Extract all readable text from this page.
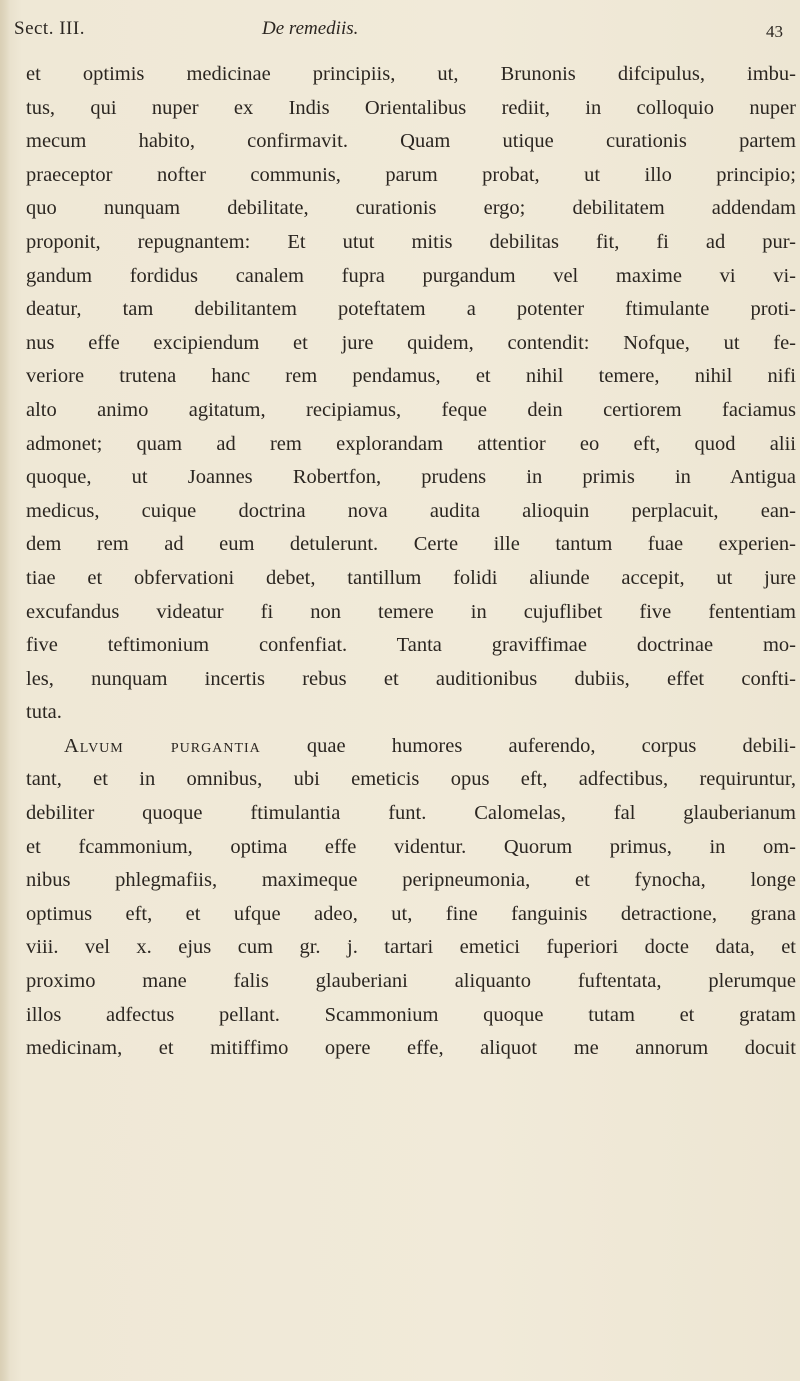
Sect. III.	De remediis.	43
et optimis medicinae principiis, ut, Brunonis difcipulus, imbu-
tus, qui nuper ex Indis Orientalibus rediit, in colloquio nuper
mecum habito, confirmavit. Quam utique curationis partem
praeceptor nofter communis, parum probat, ut illo principio;
quo nunquam debilitate, curationis ergo; debilitatem addendam
proponit, repugnantem: Et utut mitis debilitas fit, fi ad pur-
gandum fordidus canalem fupra purgandum vel maxime vi vi-
deatur, tam debilitantem poteftatem a potenter ftimulante proti-
nus effe excipiendum et jure quidem, contendit: Nofque, ut fe-
veriore trutena hanc rem pendamus, et nihil temere, nihil nifi
alto animo agitatum, recipiamus, feque dein certiorem faciamus
admonet; quam ad rem explorandam attentior eo eft, quod alii
quoque, ut Joannes Robertfon, prudens in primis in Antigua
medicus, cuique doctrina nova audita alioquin perplacuit, ean-
dem rem ad eum detulerunt. Certe ille tantum fuae experien-
tiae et obfervationi debet, tantillum folidi aliunde accepit, ut jure
excufandus videatur fi non temere in cujuflibet five fententiam
five teftimonium confenfiat. Tanta graviffimae doctrinae mo-
les, nunquam incertis rebus et auditionibus dubiis, effet confti-
tuta.
Alvum purgantia quae humores auferendo, corpus debili-
tant, et in omnibus, ubi emeticis opus eft, adfectibus, requiruntur,
debiliter quoque ftimulantia funt. Calomelas, fal glauberianum
et fcammonium, optima effe videntur. Quorum primus, in om-
nibus phlegmafiis, maximeque peripneumonia, et fynocha, longe
optimus eft, et ufque adeo, ut, fine fanguinis detractione, grana
viii. vel x. ejus cum gr. j. tartari emetici fuperiori docte data, et
proximo mane falis glauberiani aliquanto fuftentata, plerumque
illos adfectus pellant. Scammonium quoque tutam et gratam
medicinam, et mitiffimo opere effe, aliquot me annorum docuit
